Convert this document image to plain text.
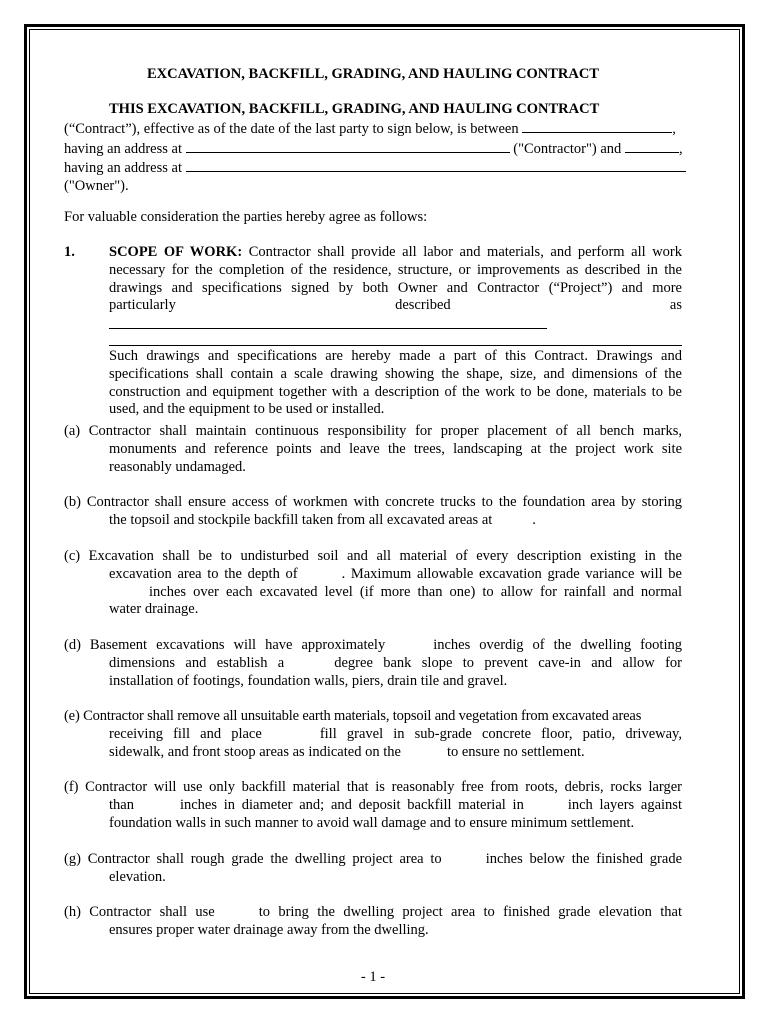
EXCAVATION, BACKFILL, GRADING, AND HAULING CONTRACT
THIS EXCAVATION, BACKFILL, GRADING, AND HAULING CONTRACT
(“Contract”), effective as of the date of the last party to sign below, is between	,
having an address at	("Contractor") and	,
having an address at
("Owner").
For valuable consideration the parties hereby agree as follows:
1. SCOPE OF WORK: Contractor shall provide all labor and materials, and perform all work necessary for the completion of the residence, structure, or improvements as described in the drawings and specifications signed by both Owner and Contractor (“Project”) and more particularly described as
Such drawings and specifications are hereby made a part of this Contract. Drawings and specifications shall contain a scale drawing showing the shape, size, and dimensions of the construction and equipment together with a description of the work to be done, materials to be used, and the equipment to be used or installed.
(a) Contractor shall maintain continuous responsibility for proper placement of all bench marks,
monuments and reference points and leave the trees, landscaping at the project work site reasonably undamaged.
(b) Contractor shall ensure access of workmen with concrete trucks to the foundation area by storing
the topsoil and stockpile backfill taken from all excavated areas at	.
(c) Excavation shall be to undisturbed soil and all material of every description existing in the
excavation area to the depth of	. Maximum allowable excavation grade variance will be
inches over each excavated level (if more than one) to allow for rainfall and normal
water drainage.
(d) Basement excavations will have approximately	inches overdig of the dwelling footing
dimensions and establish a	degree bank slope to prevent cave-in and allow for
installation of footings, foundation walls, piers, drain tile and gravel.
(e) Contractor shall remove all unsuitable earth materials, topsoil and vegetation from excavated areas
receiving fill and place	fill gravel in sub-grade concrete floor, patio, driveway,
sidewalk, and front stoop areas as indicated on the	to ensure no settlement.
(f) Contractor will use only backfill material that is reasonably free from roots, debris, rocks larger
than	inches in diameter and; and deposit backfill material in	inch layers against
foundation walls in such manner to avoid wall damage and to ensure minimum settlement.
(g) Contractor shall rough grade the dwelling project area to	inches below the finished grade
elevation.
(h) Contractor shall use	to bring the dwelling project area to finished grade elevation that
ensures proper water drainage away from the dwelling.
- 1 -
